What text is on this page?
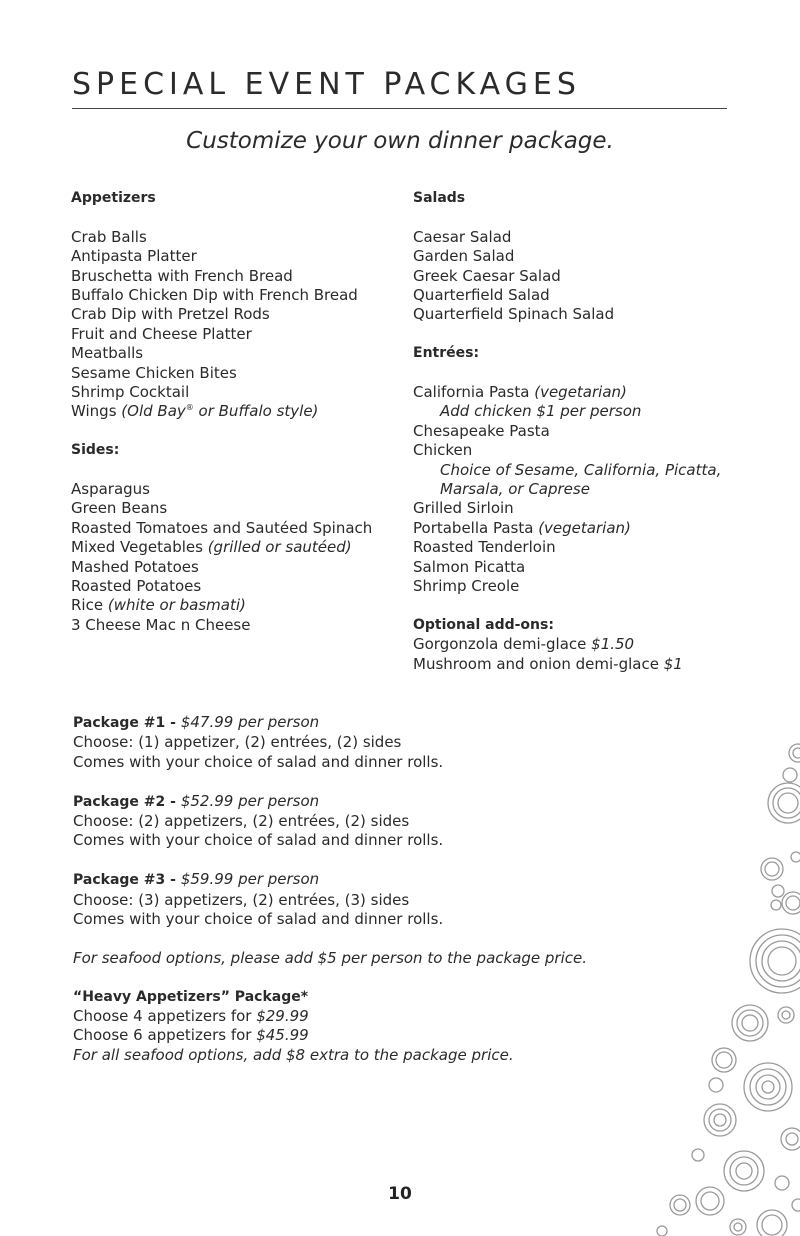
SPECIAL EVENT PACKAGES
Customize your own dinner package.
Appetizers
Crab Balls
Antipasta Platter
Bruschetta with French Bread
Buffalo Chicken Dip with French Bread
Crab Dip with Pretzel Rods
Fruit and Cheese Platter
Meatballs
Sesame Chicken Bites
Shrimp Cocktail
Wings (Old Bay® or Buffalo style)
Sides:
Asparagus
Green Beans
Roasted Tomatoes and Sautéed Spinach
Mixed Vegetables (grilled or sautéed)
Mashed Potatoes
Roasted Potatoes
Rice (white or basmati)
3 Cheese Mac n Cheese
Salads
Caesar Salad
Garden Salad
Greek Caesar Salad
Quarterfield Salad
Quarterfield Spinach Salad
Entrées:
California Pasta (vegetarian)
Add chicken $1 per person
Chesapeake Pasta
Chicken
Choice of Sesame, California, Picatta,
Marsala, or Caprese
Grilled Sirloin
Portabella Pasta (vegetarian)
Roasted Tenderloin
Salmon Picatta
Shrimp Creole
Optional add-ons:
Gorgonzola demi-glace $1.50
Mushroom and onion demi-glace $1
Package #1 - $47.99 per person
Choose: (1) appetizer, (2) entrées, (2) sides
Comes with your choice of salad and dinner rolls.
Package #2 - $52.99 per person
Choose: (2) appetizers, (2) entrées, (2) sides
Comes with your choice of salad and dinner rolls.
Package #3 - $59.99 per person
Choose: (3) appetizers, (2) entrées, (3) sides
Comes with your choice of salad and dinner rolls.
For seafood options, please add $5 per person to the package price.
“Heavy Appetizers” Package*
Choose 4 appetizers for $29.99
Choose 6 appetizers for $45.99
For all seafood options, add $8 extra to the package price.
10
